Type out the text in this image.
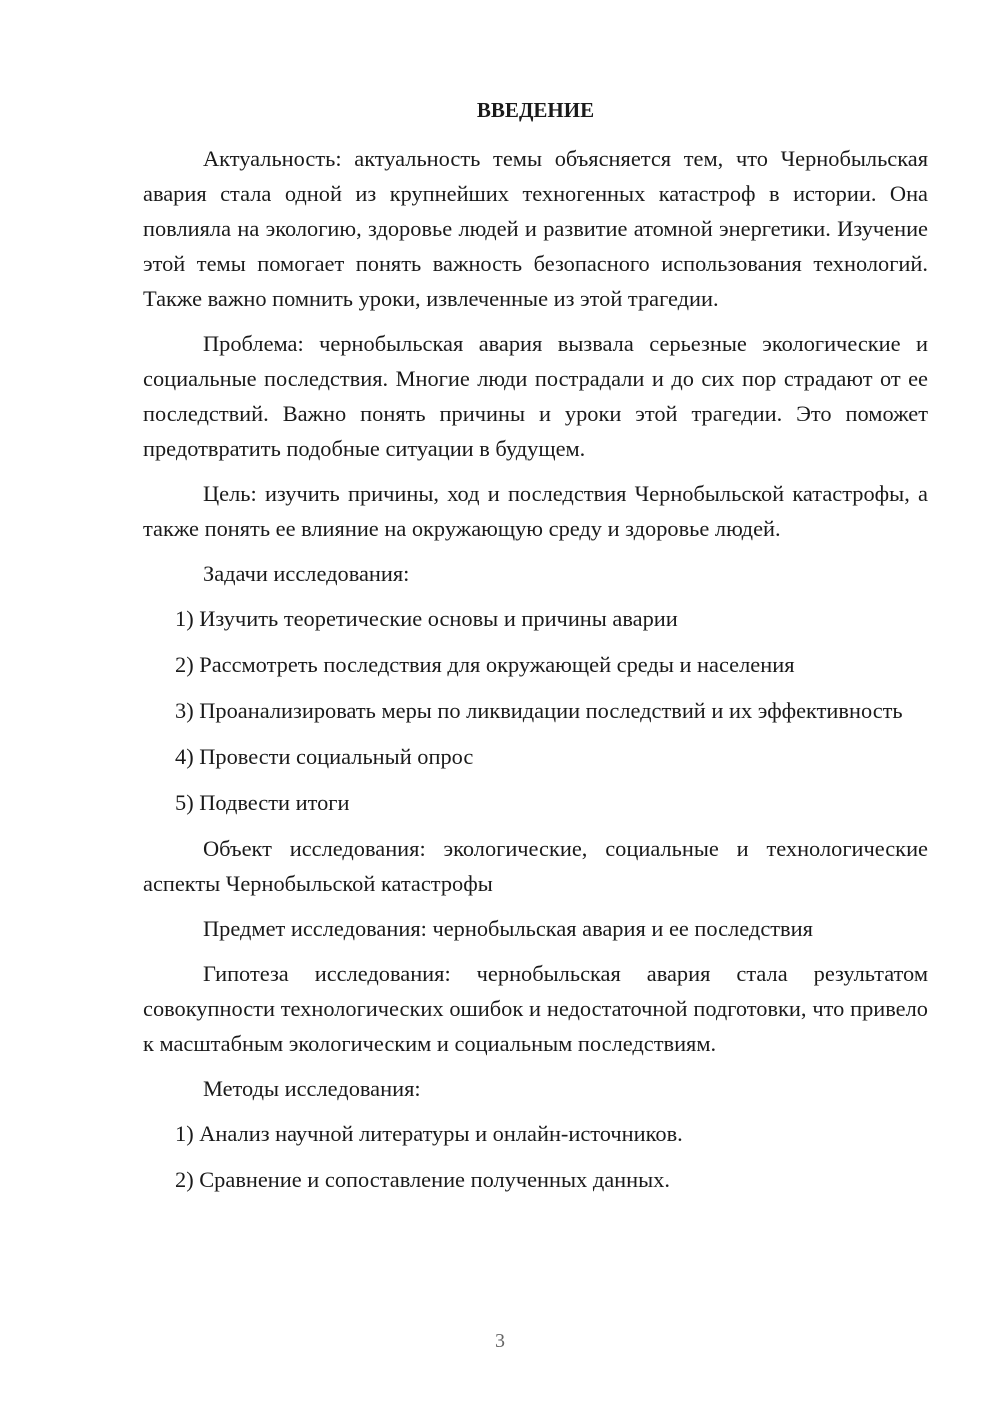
ВВЕДЕНИЕ

Актуальность: актуальность темы объясняется тем, что Чернобыльская авария стала одной из крупнейших техногенных катастроф в истории. Она повлияла на экологию, здоровье людей и развитие атомной энергетики. Изучение этой темы помогает понять важность безопасного использования технологий. Также важно помнить уроки, извлеченные из этой трагедии.

Проблема: чернобыльская авария вызвала серьезные экологические и социальные последствия. Многие люди пострадали и до сих пор страдают от ее последствий. Важно понять причины и уроки этой трагедии. Это поможет предотвратить подобные ситуации в будущем.

Цель: изучить причины, ход и последствия Чернобыльской катастрофы, а также понять ее влияние на окружающую среду и здоровье людей.

Задачи исследования:

1) Изучить теоретические основы и причины аварии

2) Рассмотреть последствия для окружающей среды и населения

3) Проанализировать меры по ликвидации последствий и их эффективность

4) Провести социальный опрос

5) Подвести итоги

Объект исследования: экологические, социальные и технологические аспекты Чернобыльской катастрофы

Предмет исследования: чернобыльская авария и ее последствия

Гипотеза исследования: чернобыльская авария стала результатом совокупности технологических ошибок и недостаточной подготовки, что привело к масштабным экологическим и социальным последствиям.

Методы исследования:

1) Анализ научной литературы и онлайн-источников.

2) Сравнение и сопоставление полученных данных.

3
